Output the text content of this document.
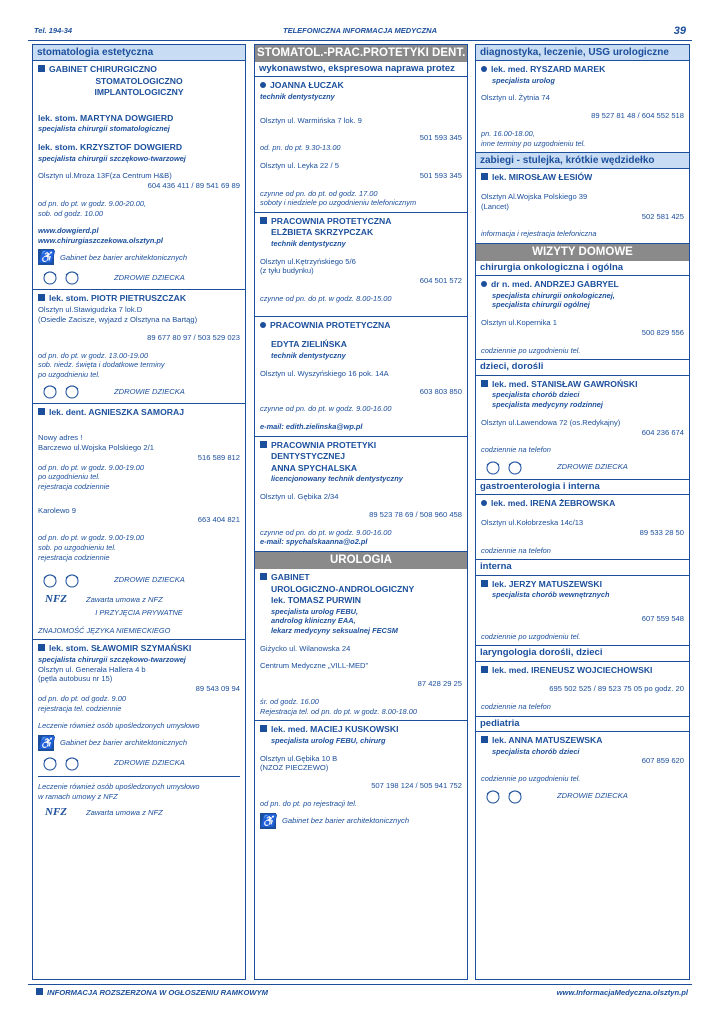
Tel. 194-34	TELEFONICZNA INFORMACJA MEDYCZNA	39
stomatologia estetyczna
GABINET CHIRURGICZNO
STOMATOLOGICZNO
IMPLANTOLOGICZNY
lek. stom. MARTYNA DOWGIERD
specjalista chirurgii stomatologicznej
lek. stom. KRZYSZTOF DOWGIERD
specjalista chirurgii szczękowo-twarzowej
Olsztyn ul.Mroza 13F(za Centrum H&B)
604 436 411 / 89 541 69 89
od pn. do pt. w godz. 9.00-20.00,
sob. od godz. 10.00
www.dowgierd.pl
www.chirurgiaszczekowa.olsztyn.pl
♿ Gabinet bez barier architektonicznych
ZDROWIE DZIECKA
lek. stom. PIOTR PIETRUSZCZAK
Olsztyn ul.Stawigudzka 7 lok.D
(Osiedle Zacisze, wyjazd z Olsztyna na Bartąg)
89 677 80 97 / 503 529 023
od pn. do pt. w godz. 13.00-19.00
sob. niedz. święta i dodatkowe terminy
po uzgodnieniu tel.
ZDROWIE DZIECKA
lek. dent. AGNIESZKA SAMORAJ
Nowy adres !
Barczewo ul.Wojska Polskiego 2/1
516 589 812
od pn. do pt. w godz. 9.00-19.00
po uzgodnieniu tel.
rejestracja codziennie
Karolewo 9
663 404 821
od pn. do pt. w godz. 9.00-19.00
sob. po uzgodnieniu tel.
rejestracja codziennie
ZDROWIE DZIECKA
NFZ	Zawarta umowa z NFZ
I PRZYJĘCIA PRYWATNE
ZNAJOMOŚĆ JĘZYKA NIEMIECKIEGO
lek. stom. SŁAWOMIR SZYMAŃSKI
specjalista chirurgii szczękowo-twarzowej
Olsztyn ul. Generała Hallera 4 b
(pętla autobusu nr 15)
89 543 09 94
od pn. do pt. od godz. 9.00
rejestracja tel. codziennie
Leczenie również osób upośledzonych umysłowo
♿ Gabinet bez barier architektonicznych
ZDROWIE DZIECKA
Leczenie również osób upośledzonych umysłowo
w ramach umowy z NFZ
NFZ	Zawarta umowa z NFZ
STOMATOL.-PRAC.PROTETYKI DENT.
wykonawstwo, ekspresowa naprawa protez
JOANNA ŁUCZAK
technik dentystyczny
Olsztyn ul. Warmińska 7 lok. 9
501 593 345
od. pn. do pt. 9.30-13.00
Olsztyn ul. Leyka 22 / 5
501 593 345
czynne od pn. do pt. od godz. 17.00
soboty i niedziele po uzgodnieniu telefonicznym
PRACOWNIA PROTETYCZNA
ELŻBIETA SKRZYPCZAK
technik dentystyczny
Olsztyn ul.Kętrzyńskiego 5/6
(z tyłu budynku)
604 501 572
czynne od pn. do pt. w godz. 8.00-15.00
PRACOWNIA PROTETYCZNA
EDYTA ZIELIŃSKA
technik dentystyczny
Olsztyn ul. Wyszyńskiego 16 pok. 14A
603 803 850
czynne od pn. do pt. w godz. 9.00-16.00
e-mail: edith.zielinska@wp.pl
PRACOWNIA PROTETYKI
DENTYSTYCZNEJ
ANNA SPYCHALSKA
licencjonowany technik dentystyczny
Olsztyn ul. Gębika 2/34
89 523 78 69 / 508 960 458
czynne od pn. do pt. w godz. 9.00-16.00
e-mail: spychalskaanna@o2.pl
UROLOGIA
GABINET
UROLOGICZNO-ANDROLOGICZNY
lek. TOMASZ PURWIN
specjalista urolog FEBU,
androlog kliniczny EAA,
lekarz medycyny seksualnej FECSM
Giżycko ul. Wilanowska 24
Centrum Medyczne „VILL-MED”
87 428 29 25
śr. od godz. 16.00
Rejestracja tel. od pn. do pt. w godz. 8.00-18.00
lek. med. MACIEJ KUSKOWSKI
specjalista urolog FEBU, chirurg
Olsztyn ul.Gębika 10 B
(NZOZ PIECZEWO)
507 198 124 / 505 941 752
od pn. do pt. po rejestracji tel.
♿ Gabinet bez barier architektonicznych
diagnostyka, leczenie, USG urologiczne
lek. med. RYSZARD MAREK
specjalista urolog
Olsztyn ul. Żytnia 74
89 527 81 48 / 604 552 518
pn. 16.00-18.00,
inne terminy po uzgodnieniu tel.
zabiegi - stulejka, krótkie wędzidełko
lek. MIROSŁAW ŁESIÓW
Olsztyn Al.Wojska Polskiego 39
(Lancet)
502 581 425
informacja i rejestracja telefoniczna
WIZYTY DOMOWE
chirurgia onkologiczna i ogólna
dr n. med. ANDRZEJ GABRYEL
specjalista chirurgii onkologicznej,
specjalista chirurgii ogólnej
Olsztyn ul.Kopernika 1
500 829 556
codziennie po uzgodnieniu tel.
dzieci, dorośli
lek. med. STANISŁAW GAWROŃSKI
specjalista chorób dzieci
specjalista medycyny rodzinnej
Olsztyn ul.Lawendowa 72 (os.Redykajny)
604 236 674
codziennie na telefon
ZDROWIE DZIECKA
gastroenterologia i interna
lek. med. IRENA ŻEBROWSKA
Olsztyn ul.Kołobrzeska 14c/13
89 533 28 50
codziennie na telefon
interna
lek. JERZY MATUSZEWSKI
specjalista chorób wewnętrznych
607 559 548
codziennie po uzgodnieniu tel.
laryngologia dorośli, dzieci
lek. med. IRENEUSZ WOJCIECHOWSKI
695 502 525 / 89 523 75 05 po godz. 20
codziennie na telefon
pediatria
lek. ANNA MATUSZEWSKA
specjalista chorób dzieci
607 859 620
codziennie po uzgodnieniu tel.
ZDROWIE DZIECKA
INFORMACJA ROZSZERZONA W OGŁOSZENIU RAMKOWYM	www.InformacjaMedyczna.olsztyn.pl
